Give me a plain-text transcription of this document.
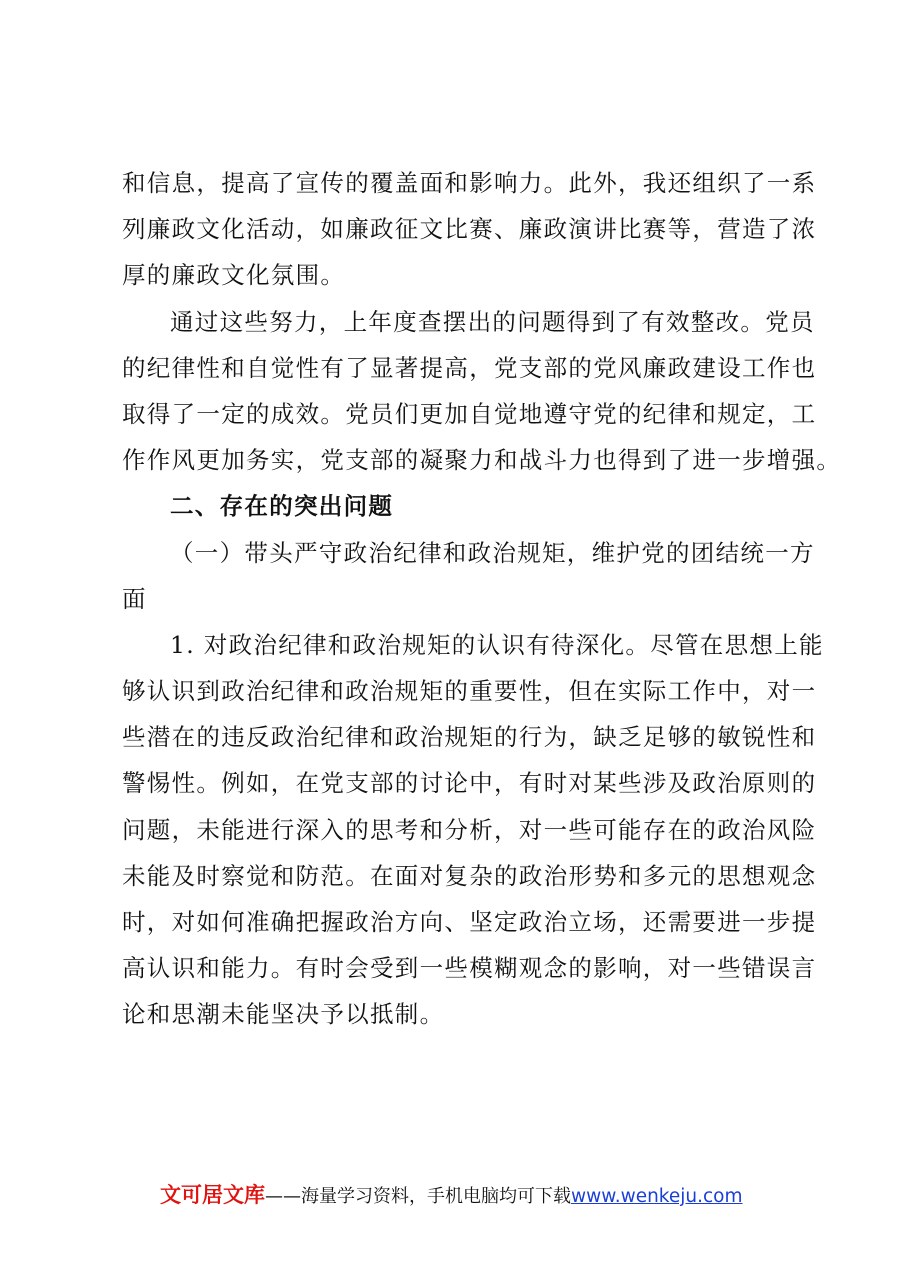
和信息，提高了宣传的覆盖面和影响力。此外，我还组织了一系
列廉政文化活动，如廉政征文比赛、廉政演讲比赛等，营造了浓
厚的廉政文化氛围。
通过这些努力，上年度查摆出的问题得到了有效整改。党员
的纪律性和自觉性有了显著提高，党支部的党风廉政建设工作也
取得了一定的成效。党员们更加自觉地遵守党的纪律和规定，工
作作风更加务实，党支部的凝聚力和战斗力也得到了进一步增强。
二、存在的突出问题
（一）带头严守政治纪律和政治规矩，维护党的团结统一方
面
1. 对政治纪律和政治规矩的认识有待深化。尽管在思想上能
够认识到政治纪律和政治规矩的重要性，但在实际工作中，对一
些潜在的违反政治纪律和政治规矩的行为，缺乏足够的敏锐性和
警惕性。例如，在党支部的讨论中，有时对某些涉及政治原则的
问题，未能进行深入的思考和分析，对一些可能存在的政治风险
未能及时察觉和防范。在面对复杂的政治形势和多元的思想观念
时，对如何准确把握政治方向、坚定政治立场，还需要进一步提
高认识和能力。有时会受到一些模糊观念的影响，对一些错误言
论和思潮未能坚决予以抵制。
文可居文库——海量学习资料，手机电脑均可下载www.wenkeju.com
